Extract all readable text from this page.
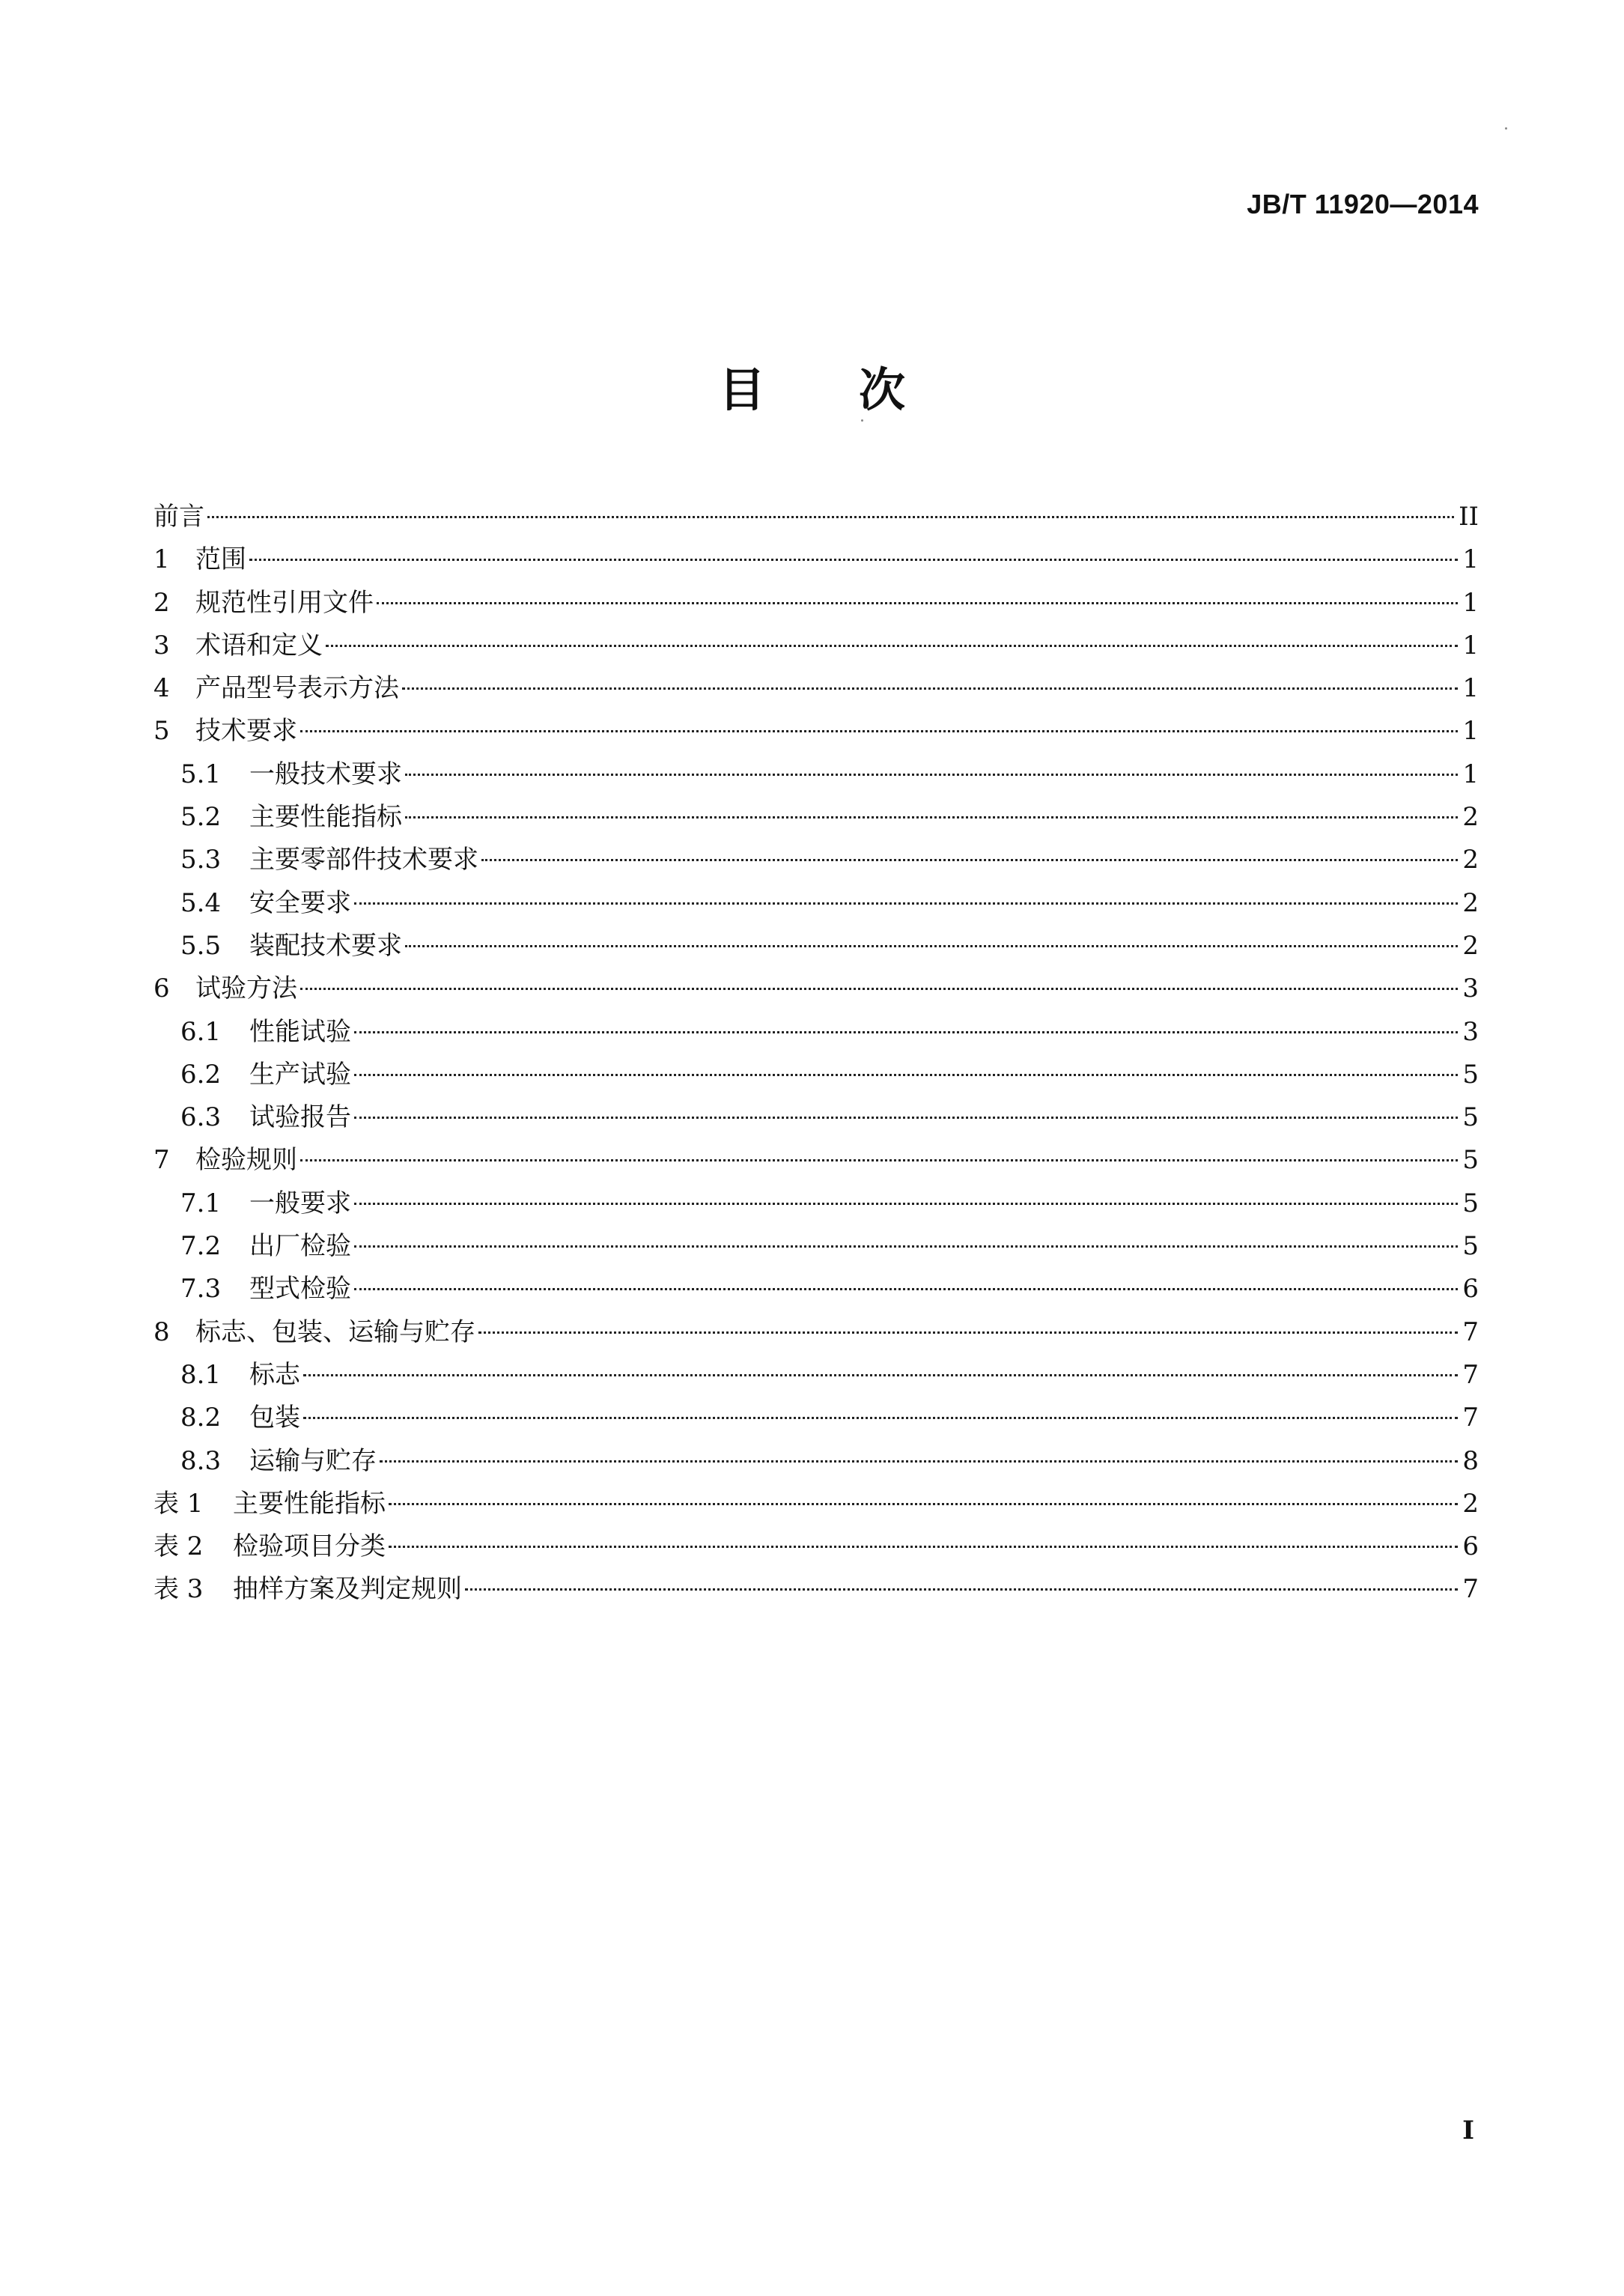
JB/T 11920—2014
目次
前言	II
1	范围	1
2	规范性引用文件	1
3	术语和定义	1
4	产品型号表示方法	1
5	技术要求	1
5.1	一般技术要求	1
5.2	主要性能指标	2
5.3	主要零部件技术要求	2
5.4	安全要求	2
5.5	装配技术要求	2
6	试验方法	3
6.1	性能试验	3
6.2	生产试验	5
6.3	试验报告	5
7	检验规则	5
7.1	一般要求	5
7.2	出厂检验	5
7.3	型式检验	6
8	标志、包装、运输与贮存	7
8.1	标志	7
8.2	包装	7
8.3	运输与贮存	8
表 1	主要性能指标	2
表 2	检验项目分类	6
表 3	抽样方案及判定规则	7
I
